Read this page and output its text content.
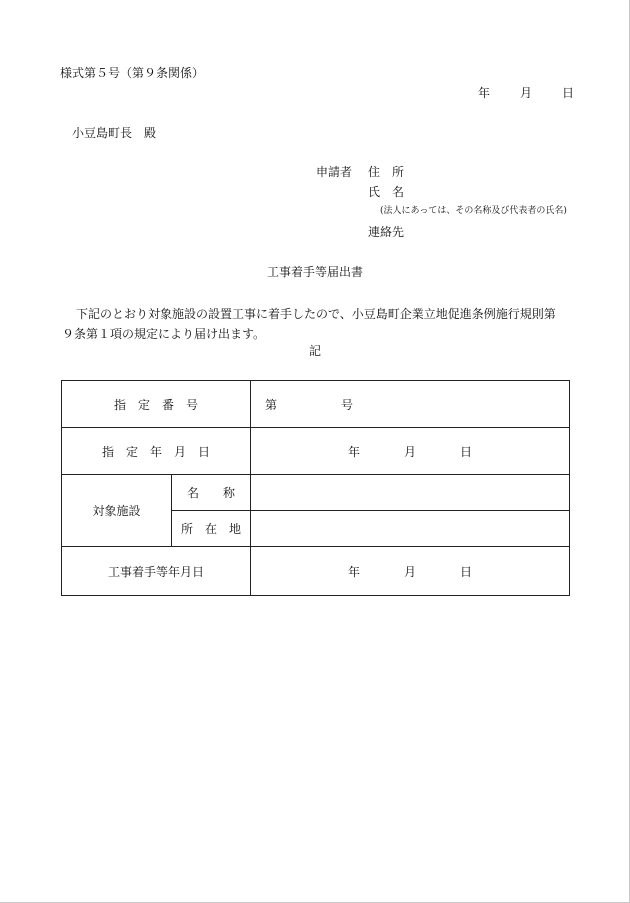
様式第５号（第９条関係）
年	月	日
小豆島町長　殿
申請者 住　所
氏　名
(法人にあっては、その名称及び代表者の氏名)
連絡先
工事着手等届出書
下記のとおり対象施設の設置工事に着手したので、小豆島町企業立地促進条例施行規則第９条第１項の規定により届け出ます。
記
指　定　番　号		第 号
指　定　年　月　日		年 月 日
対象施設	名　　称	
	所　在　地	
工事着手等年月日		年 月 日
